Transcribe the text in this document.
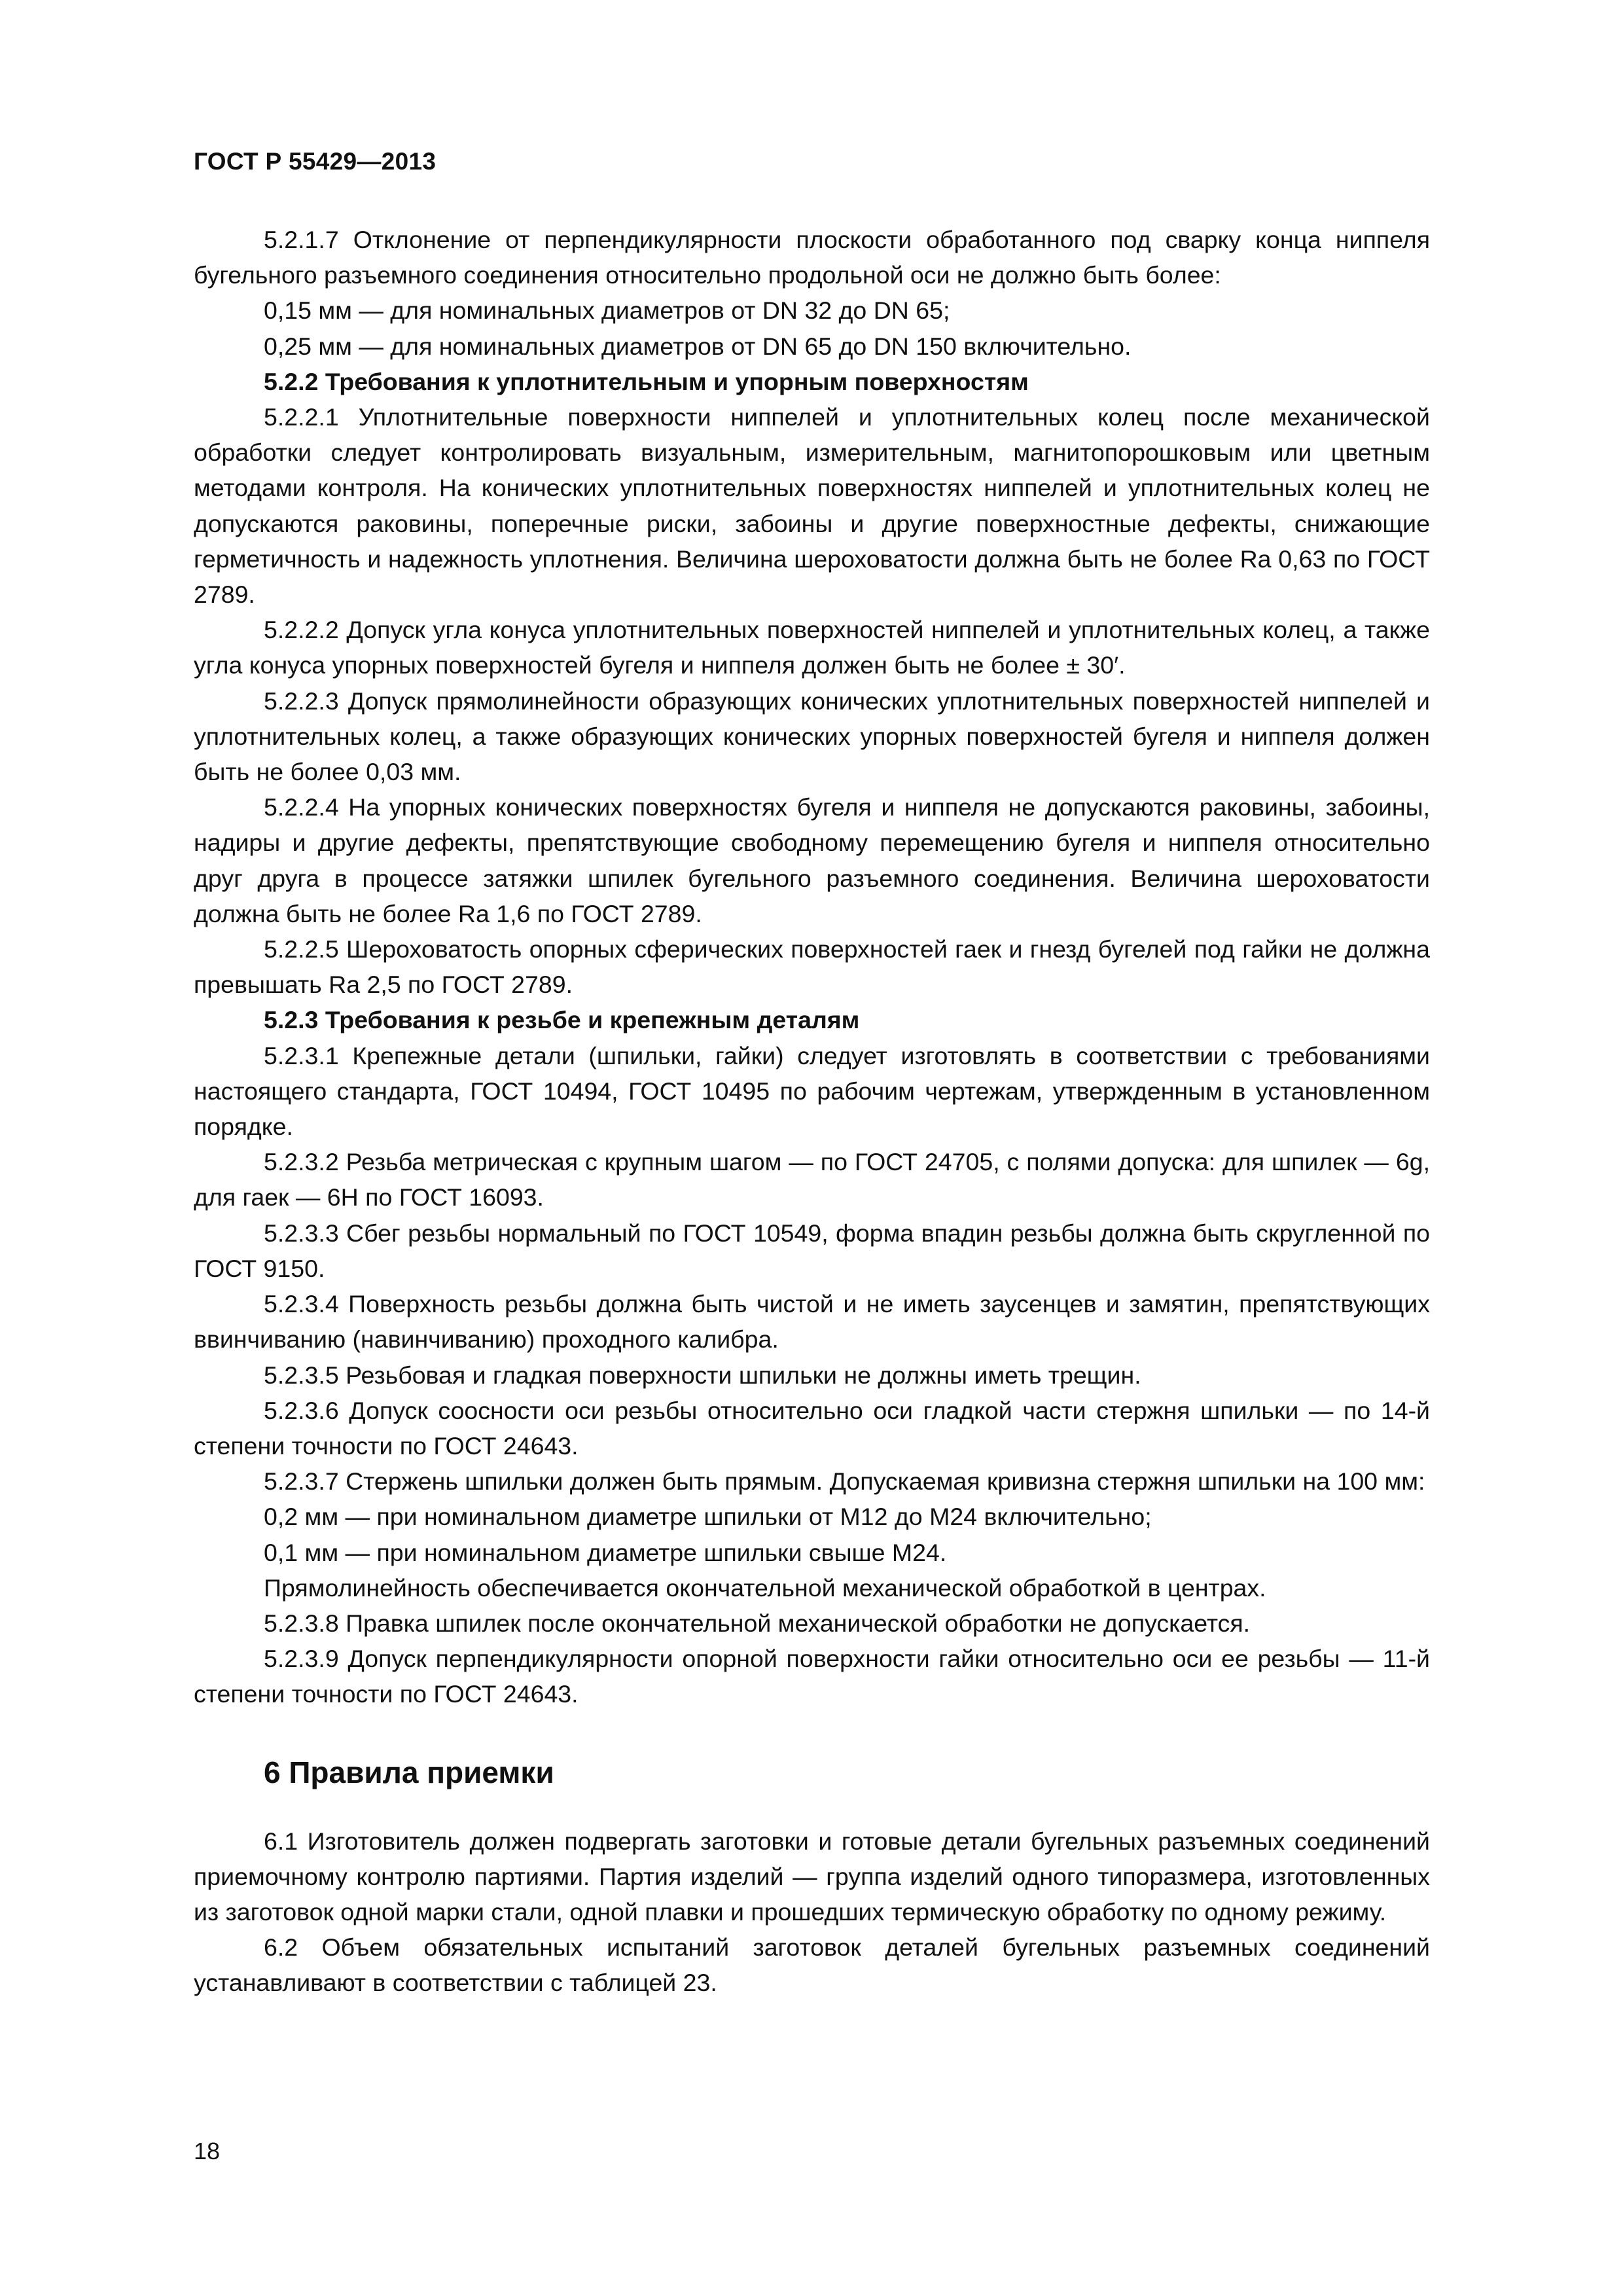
ГОСТ Р 55429—2013

5.2.1.7 Отклонение от перпендикулярности плоскости обработанного под сварку конца ниппеля бугельного разъемного соединения относительно продольной оси не должно быть более:

0,15 мм — для номинальных диаметров от DN 32 до DN 65;

0,25 мм — для номинальных диаметров от DN 65 до DN 150 включительно.

5.2.2 Требования к уплотнительным и упорным поверхностям

5.2.2.1 Уплотнительные поверхности ниппелей и уплотнительных колец после механической обработки следует контролировать визуальным, измерительным, магнитопорошковым или цветным методами контроля. На конических уплотнительных поверхностях ниппелей и уплотнительных колец не допускаются раковины, поперечные риски, забоины и другие поверхностные дефекты, снижающие герметичность и надежность уплотнения. Величина шероховатости должна быть не более Ra 0,63 по ГОСТ 2789.

5.2.2.2 Допуск угла конуса уплотнительных поверхностей ниппелей и уплотнительных колец, а также угла конуса упорных поверхностей бугеля и ниппеля должен быть не более ± 30′.

5.2.2.3 Допуск прямолинейности образующих конических уплотнительных поверхностей ниппелей и уплотнительных колец, а также образующих конических упорных поверхностей бугеля и ниппеля должен быть не более 0,03 мм.

5.2.2.4 На упорных конических поверхностях бугеля и ниппеля не допускаются раковины, забоины, надиры и другие дефекты, препятствующие свободному перемещению бугеля и ниппеля относительно друг друга в процессе затяжки шпилек бугельного разъемного соединения. Величина шероховатости должна быть не более Ra 1,6 по ГОСТ 2789.

5.2.2.5 Шероховатость опорных сферических поверхностей гаек и гнезд бугелей под гайки не должна превышать Ra 2,5 по ГОСТ 2789.

5.2.3 Требования к резьбе и крепежным деталям

5.2.3.1 Крепежные детали (шпильки, гайки) следует изготовлять в соответствии с требованиями настоящего стандарта, ГОСТ 10494, ГОСТ 10495 по рабочим чертежам, утвержденным в установленном порядке.

5.2.3.2 Резьба метрическая с крупным шагом — по ГОСТ 24705, с полями допуска: для шпилек — 6g, для гаек — 6H по ГОСТ 16093.

5.2.3.3 Сбег резьбы нормальный по ГОСТ 10549, форма впадин резьбы должна быть скругленной по ГОСТ 9150.

5.2.3.4 Поверхность резьбы должна быть чистой и не иметь заусенцев и замятин, препятствующих ввинчиванию (навинчиванию) проходного калибра.

5.2.3.5 Резьбовая и гладкая поверхности шпильки не должны иметь трещин.

5.2.3.6 Допуск соосности оси резьбы относительно оси гладкой части стержня шпильки — по 14-й степени точности по ГОСТ 24643.

5.2.3.7 Стержень шпильки должен быть прямым. Допускаемая кривизна стержня шпильки на 100 мм:

0,2 мм — при номинальном диаметре шпильки от М12 до М24 включительно;

0,1 мм — при номинальном диаметре шпильки свыше М24.

Прямолинейность обеспечивается окончательной механической обработкой в центрах.

5.2.3.8 Правка шпилек после окончательной механической обработки не допускается.

5.2.3.9 Допуск перпендикулярности опорной поверхности гайки относительно оси ее резьбы — 11-й степени точности по ГОСТ 24643.

6 Правила приемки

6.1 Изготовитель должен подвергать заготовки и готовые детали бугельных разъемных соединений приемочному контролю партиями. Партия изделий — группа изделий одного типоразмера, изготовленных из заготовок одной марки стали, одной плавки и прошедших термическую обработку по одному режиму.

6.2 Объем обязательных испытаний заготовок деталей бугельных разъемных соединений устанавливают в соответствии с таблицей 23.

18
